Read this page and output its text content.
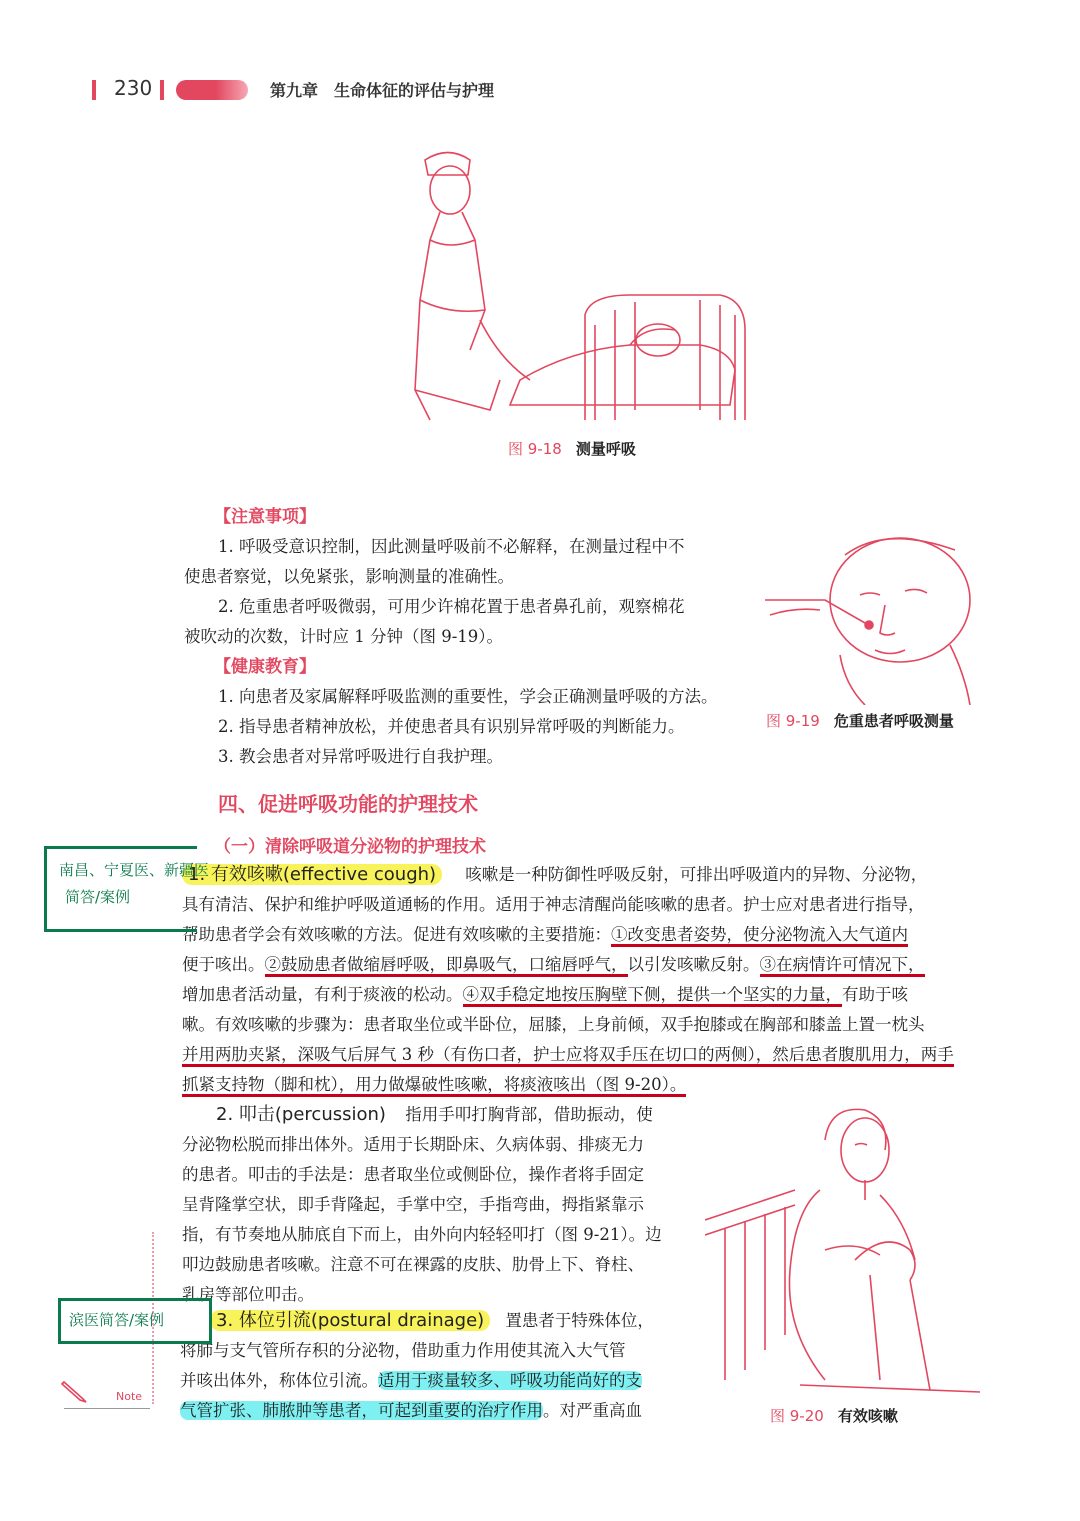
230	第九章　生命体征的评估与护理
图 9-18 测量呼吸
【注意事项】
1. 呼吸受意识控制，因此测量呼吸前不必解释，在测量过程中不
使患者察觉，以免紧张，影响测量的准确性。
2. 危重患者呼吸微弱，可用少许棉花置于患者鼻孔前，观察棉花
被吹动的次数，计时应 1 分钟（图 9-19）。
【健康教育】
1. 向患者及家属解释呼吸监测的重要性，学会正确测量呼吸的方法。
2. 指导患者精神放松，并使患者具有识别异常呼吸的判断能力。
3. 教会患者对异常呼吸进行自我护理。
图 9-19 危重患者呼吸测量
四、促进呼吸功能的护理技术
（一）清除呼吸道分泌物的护理技术
1. 有效咳嗽(effective cough) 咳嗽是一种防御性呼吸反射，可排出呼吸道内的异物、分泌物，
具有清洁、保护和维护呼吸道通畅的作用。适用于神志清醒尚能咳嗽的患者。护士应对患者进行指导，
帮助患者学会有效咳嗽的方法。促进有效咳嗽的主要措施：①改变患者姿势，使分泌物流入大气道内
便于咳出。②鼓励患者做缩唇呼吸，即鼻吸气，口缩唇呼气，以引发咳嗽反射。③在病情许可情况下，
增加患者活动量，有利于痰液的松动。④双手稳定地按压胸壁下侧，提供一个坚实的力量，有助于咳
嗽。有效咳嗽的步骤为：患者取坐位或半卧位，屈膝，上身前倾，双手抱膝或在胸部和膝盖上置一枕头
并用两肋夹紧，深吸气后屏气 3 秒（有伤口者，护士应将双手压在切口的两侧），然后患者腹肌用力，两手
抓紧支持物（脚和枕），用力做爆破性咳嗽，将痰液咳出（图 9-20）。
2. 叩击(percussion) 指用手叩打胸背部，借助振动，使
分泌物松脱而排出体外。适用于长期卧床、久病体弱、排痰无力
的患者。叩击的手法是：患者取坐位或侧卧位，操作者将手固定
呈背隆掌空状，即手背隆起，手掌中空，手指弯曲，拇指紧靠示
指，有节奏地从肺底自下而上，由外向内轻轻叩打（图 9-21）。边
叩边鼓励患者咳嗽。注意不可在裸露的皮肤、肋骨上下、脊柱、
乳房等部位叩击。
3. 体位引流(postural drainage) 置患者于特殊体位，
将肺与支气管所存积的分泌物，借助重力作用使其流入大气管
并咳出体外，称体位引流。适用于痰量较多、呼吸功能尚好的支
气管扩张、肺脓肿等患者，可起到重要的治疗作用。对严重高血	图 9-20 有效咳嗽
Note
南昌、宁夏医、新疆医
简答/案例
滨医简答/案例
